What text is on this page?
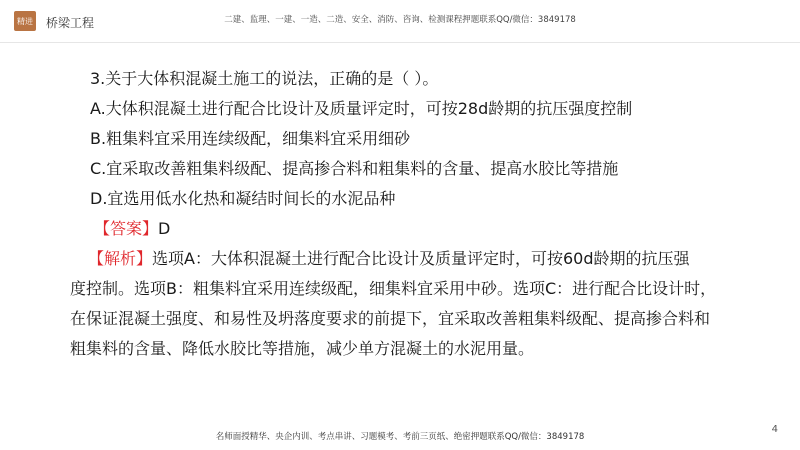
精进 桥梁工程	二建、监理、一建、一造、二造、安全、消防、咨询、检测课程押题联系QQ/微信：3849178

3.关于大体积混凝土施工的说法，正确的是（ ）。

A.大体积混凝土进行配合比设计及质量评定时，可按28d龄期的抗压强度控制

B.粗集料宜采用连续级配，细集料宜采用细砂

C.宜采取改善粗集料级配、提高掺合料和粗集料的含量、提高水胶比等措施

D.宜选用低水化热和凝结时间长的水泥品种

【答案】D

【解析】选项A：大体积混凝土进行配合比设计及质量评定时，可按60d龄期的抗压强

度控制。选项B：粗集料宜采用连续级配，细集料宜采用中砂。选项C：进行配合比设计时，

在保证混凝土强度、和易性及坍落度要求的前提下，宜采取改善粗集料级配、提高掺合料和

粗集料的含量、降低水胶比等措施，减少单方混凝土的水泥用量。

名师面授精华、央企内训、考点串讲、习题模考、考前三页纸、绝密押题联系QQ/微信：3849178
4
